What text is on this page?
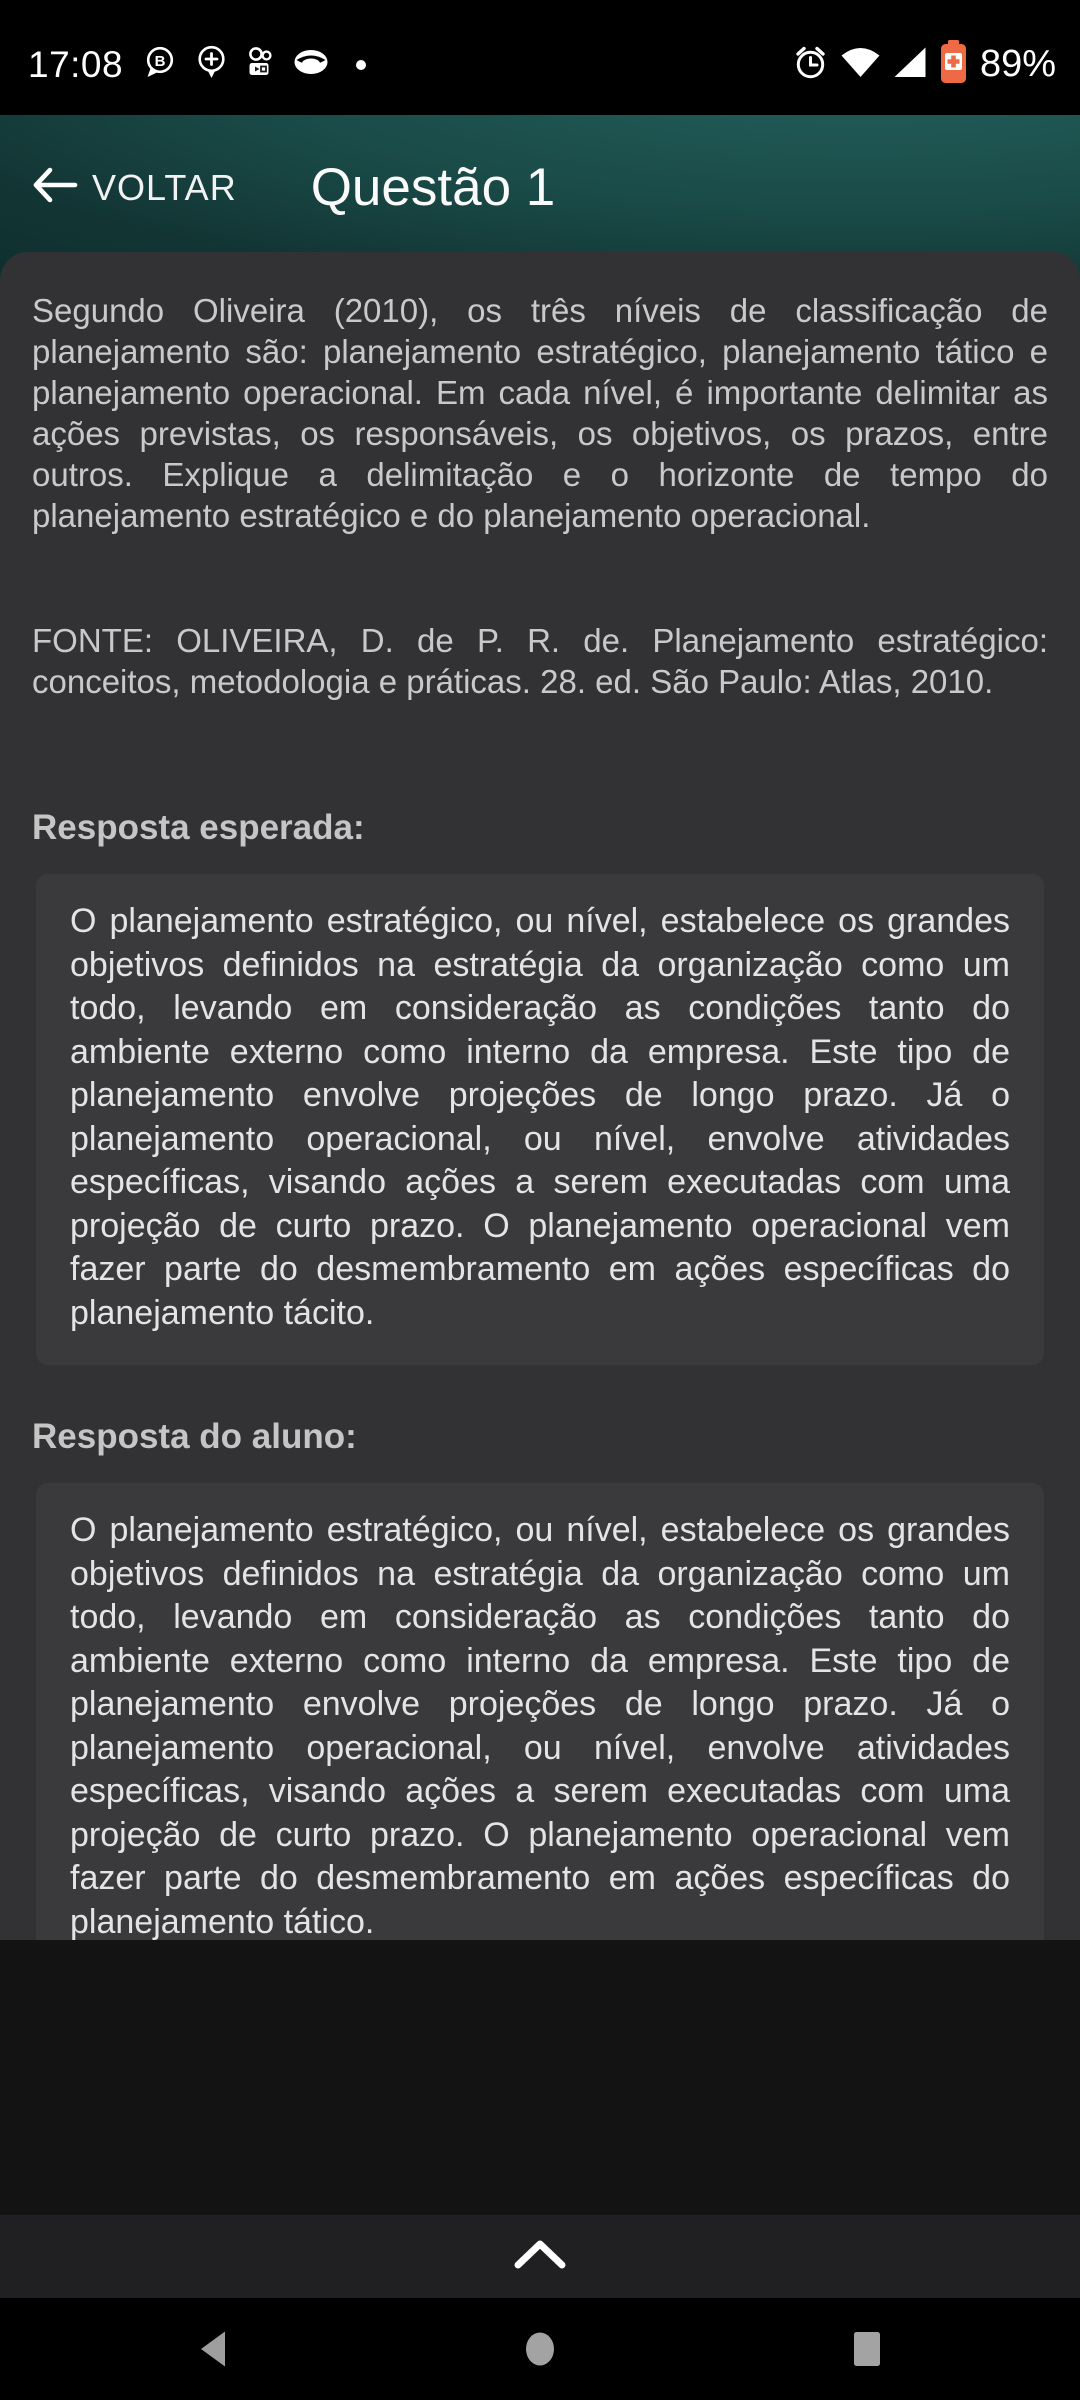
17:08 B	89%
VOLTAR Questão 1

Segundo Oliveira (2010), os três níveis de classificação de planejamento são: planejamento estratégico, planejamento tático e planejamento operacional. Em cada nível, é importante delimitar as ações previstas, os responsáveis, os objetivos, os prazos, entre outros. Explique a delimitação e o horizonte de tempo do planejamento estratégico e do planejamento operacional.

FONTE: OLIVEIRA, D. de P. R. de. Planejamento estratégico: conceitos, metodologia e práticas. 28. ed. São Paulo: Atlas, 2010.

Resposta esperada:

O planejamento estratégico, ou nível, estabelece os grandes objetivos definidos na estratégia da organização como um todo, levando em consideração as condições tanto do ambiente externo como interno da empresa. Este tipo de planejamento envolve projeções de longo prazo. Já o planejamento operacional, ou nível, envolve atividades específicas, visando ações a serem executadas com uma projeção de curto prazo. O planejamento operacional vem fazer parte do desmembramento em ações específicas do planejamento tácito.

Resposta do aluno:

O planejamento estratégico, ou nível, estabelece os grandes objetivos definidos na estratégia da organização como um todo, levando em consideração as condições tanto do ambiente externo como interno da empresa. Este tipo de planejamento envolve projeções de longo prazo. Já o planejamento operacional, ou nível, envolve atividades específicas, visando ações a serem executadas com uma projeção de curto prazo. O planejamento operacional vem fazer parte do desmembramento em ações específicas do planejamento tático.
